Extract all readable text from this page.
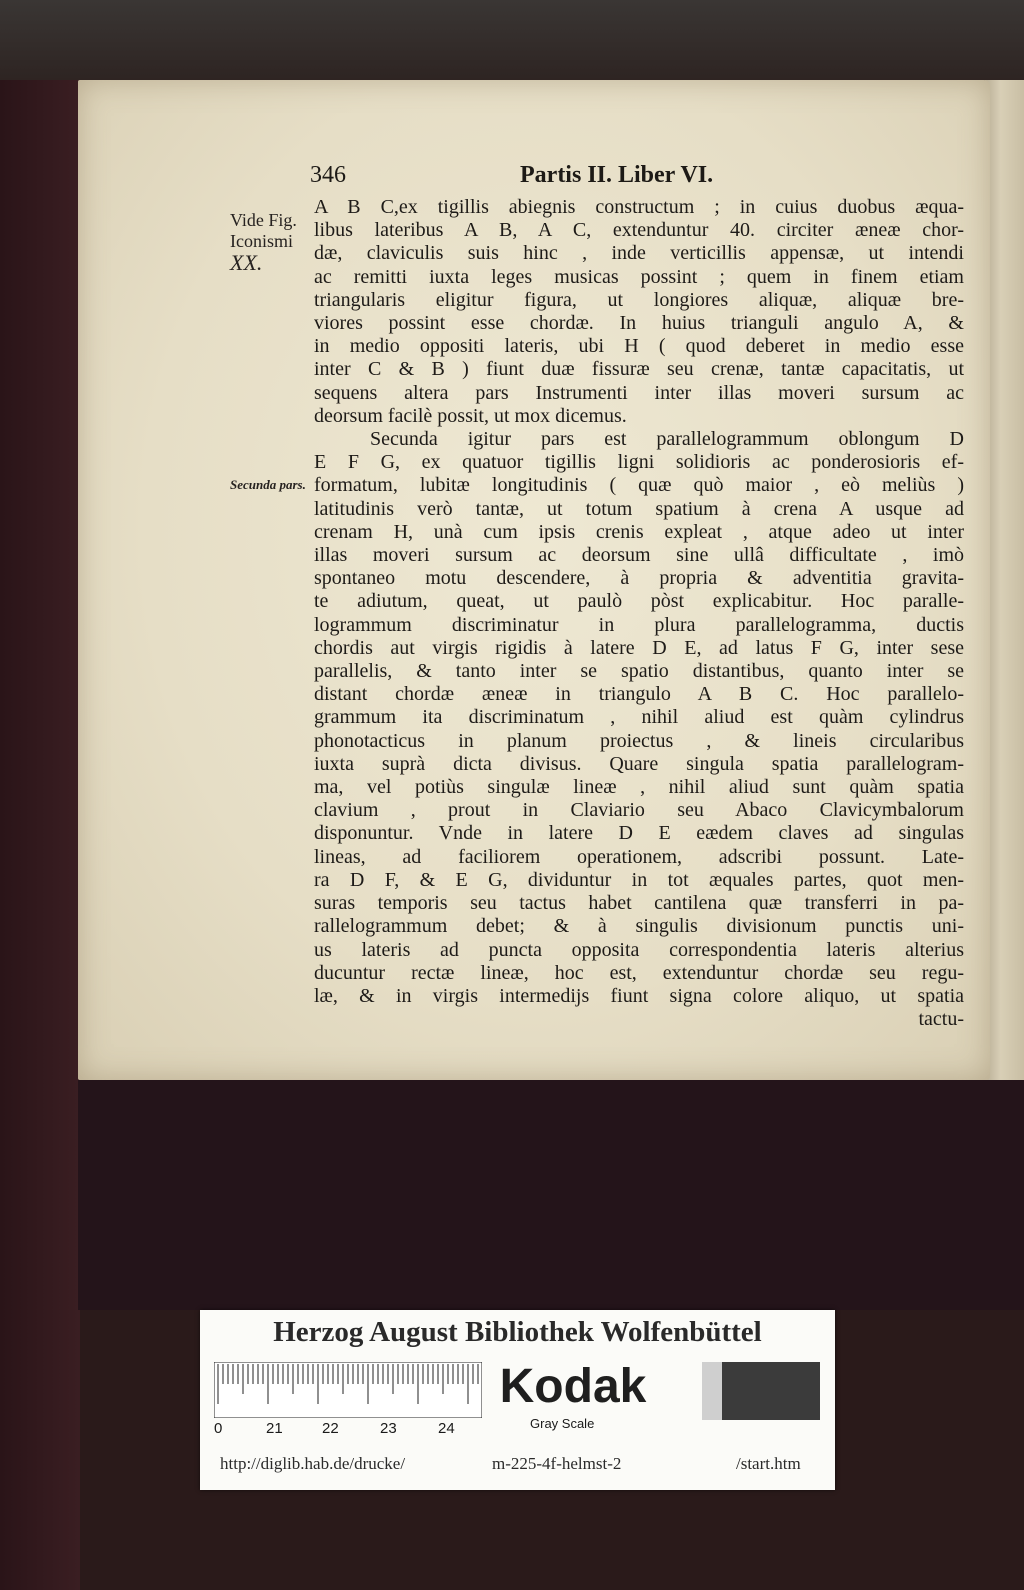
346	Partis II. Liber VI.
Vide Fig.
Iconismi
XX.
Secunda pars.
A B C,ex tigillis abiegnis constructum ; in cuius duobus æqua-
libus lateribus A B, A C, extenduntur 40. circiter æneæ chor-
dæ, claviculis suis hinc , inde verticillis appensæ, ut intendi
ac remitti iuxta leges musicas possint ; quem in finem etiam
triangularis eligitur figura, ut longiores aliquæ, aliquæ bre-
viores possint esse chordæ. In huius trianguli angulo A, &
in medio oppositi lateris, ubi H ( quod deberet in medio esse
inter C & B ) fiunt duæ fissuræ seu crenæ, tantæ capacitatis, ut
sequens altera pars Instrumenti inter illas moveri sursum ac
deorsum facilè possit, ut mox dicemus.
Secunda igitur pars est parallelogrammum oblongum D
E F G, ex quatuor tigillis ligni solidioris ac ponderosioris ef-
formatum, lubitæ longitudinis ( quæ quò maior , eò meliùs )
latitudinis verò tantæ, ut totum spatium à crena A usque ad
crenam H, unà cum ipsis crenis expleat , atque adeo ut inter
illas moveri sursum ac deorsum sine ullâ difficultate , imò
spontaneo motu descendere, à propria & adventitia gravita-
te adiutum, queat, ut paulò pòst explicabitur. Hoc paralle-
logrammum discriminatur in plura parallelogramma, ductis
chordis aut virgis rigidis à latere D E, ad latus F G, inter sese
parallelis, & tanto inter se spatio distantibus, quanto inter se
distant chordæ æneæ in triangulo A B C. Hoc parallelo-
grammum ita discriminatum , nihil aliud est quàm cylindrus
phonotacticus in planum proiectus , & lineis circularibus
iuxta suprà dicta divisus. Quare singula spatia parallelogram-
ma, vel potiùs singulæ lineæ , nihil aliud sunt quàm spatia
clavium , prout in Claviario seu Abaco Clavicymbalorum
disponuntur. Vnde in latere D E eædem claves ad singulas
lineas, ad faciliorem operationem, adscribi possunt. Late-
ra D F, & E G, dividuntur in tot æquales partes, quot men-
suras temporis seu tactus habet cantilena quæ transferri in pa-
rallelogrammum debet; & à singulis divisionum punctis uni-
us lateris ad puncta opposita correspondentia lateris alterius
ducuntur rectæ lineæ, hoc est, extenduntur chordæ seu regu-
læ, & in virgis intermedijs fiunt signa colore aliquo, ut spatia
tactu-
Herzog August Bibliothek Wolfenbüttel
0	21	22	23	24
Kodak
Gray Scale
http://diglib.hab.de/drucke/	m-225-4f-helmst-2	/start.htm
